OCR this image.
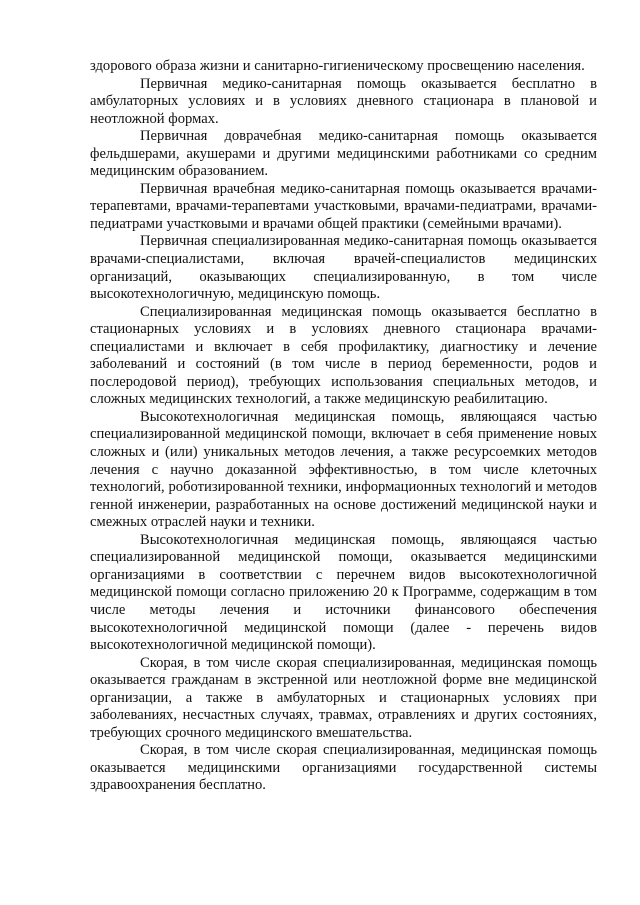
здорового образа жизни и санитарно-гигиеническому просвещению населения.

Первичная медико-санитарная помощь оказывается бесплатно в амбулаторных условиях и в условиях дневного стационара в плановой и неотложной формах.

Первичная доврачебная медико-санитарная помощь оказывается фельдшерами, акушерами и другими медицинскими работниками со средним медицинским образованием.

Первичная врачебная медико-санитарная помощь оказывается врачами-терапевтами, врачами-терапевтами участковыми, врачами-педиатрами, врачами-педиатрами участковыми и врачами общей практики (семейными врачами).

Первичная специализированная медико-санитарная помощь оказывается врачами-специалистами, включая врачей-специалистов медицинских организаций, оказывающих специализированную, в том числе высокотехнологичную, медицинскую помощь.

Специализированная медицинская помощь оказывается бесплатно в стационарных условиях и в условиях дневного стационара врачами-специалистами и включает в себя профилактику, диагностику и лечение заболеваний и состояний (в том числе в период беременности, родов и послеродовой период), требующих использования специальных методов, и сложных медицинских технологий, а также медицинскую реабилитацию.

Высокотехнологичная медицинская помощь, являющаяся частью специализированной медицинской помощи, включает в себя применение новых сложных и (или) уникальных методов лечения, а также ресурсоемких методов лечения с научно доказанной эффективностью, в том числе клеточных технологий, роботизированной техники, информационных технологий и методов генной инженерии, разработанных на основе достижений медицинской науки и смежных отраслей науки и техники.

Высокотехнологичная медицинская помощь, являющаяся частью специализированной медицинской помощи, оказывается медицинскими организациями в соответствии с перечнем видов высокотехнологичной медицинской помощи согласно приложению 20 к Программе, содержащим в том числе методы лечения и источники финансового обеспечения высокотехнологичной медицинской помощи (далее - перечень видов высокотехнологичной медицинской помощи).

Скорая, в том числе скорая специализированная, медицинская помощь оказывается гражданам в экстренной или неотложной форме вне медицинской организации, а также в амбулаторных и стационарных условиях при заболеваниях, несчастных случаях, травмах, отравлениях и других состояниях, требующих срочного медицинского вмешательства.

Скорая, в том числе скорая специализированная, медицинская помощь оказывается медицинскими организациями государственной системы здравоохранения бесплатно.
